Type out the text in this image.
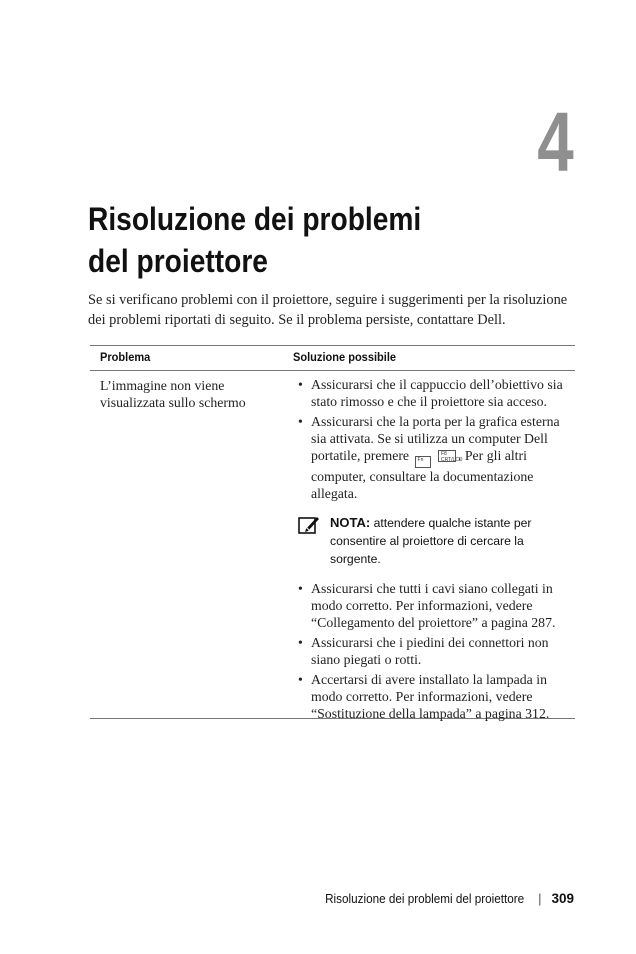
4
Risoluzione dei problemi
del proiettore

Se si verificano problemi con il proiettore, seguire i suggerimenti per la risoluzione dei problemi riportati di seguito. Se il problema persiste, contattare Dell.

Problema	Soluzione possibile
L’immagine non viene visualizzata sullo schermo
• Assicurarsi che il cappuccio dell’obiettivo sia stato rimosso e che il proiettore sia acceso.
• Assicurarsi che la porta per la grafica esterna sia attivata. Se si utilizza un computer Dell portatile, premere Fn F8 CRT/LCD. Per gli altri computer, consultare la documentazione allegata.
NOTA: attendere qualche istante per consentire al proiettore di cercare la sorgente.
• Assicurarsi che tutti i cavi siano collegati in modo corretto. Per informazioni, vedere “Collegamento del proiettore” a pagina 287.
• Assicurarsi che i piedini dei connettori non siano piegati o rotti.
• Accertarsi di avere installato la lampada in modo corretto. Per informazioni, vedere “Sostituzione della lampada” a pagina 312.
Risoluzione dei problemi del proiettore | 309
